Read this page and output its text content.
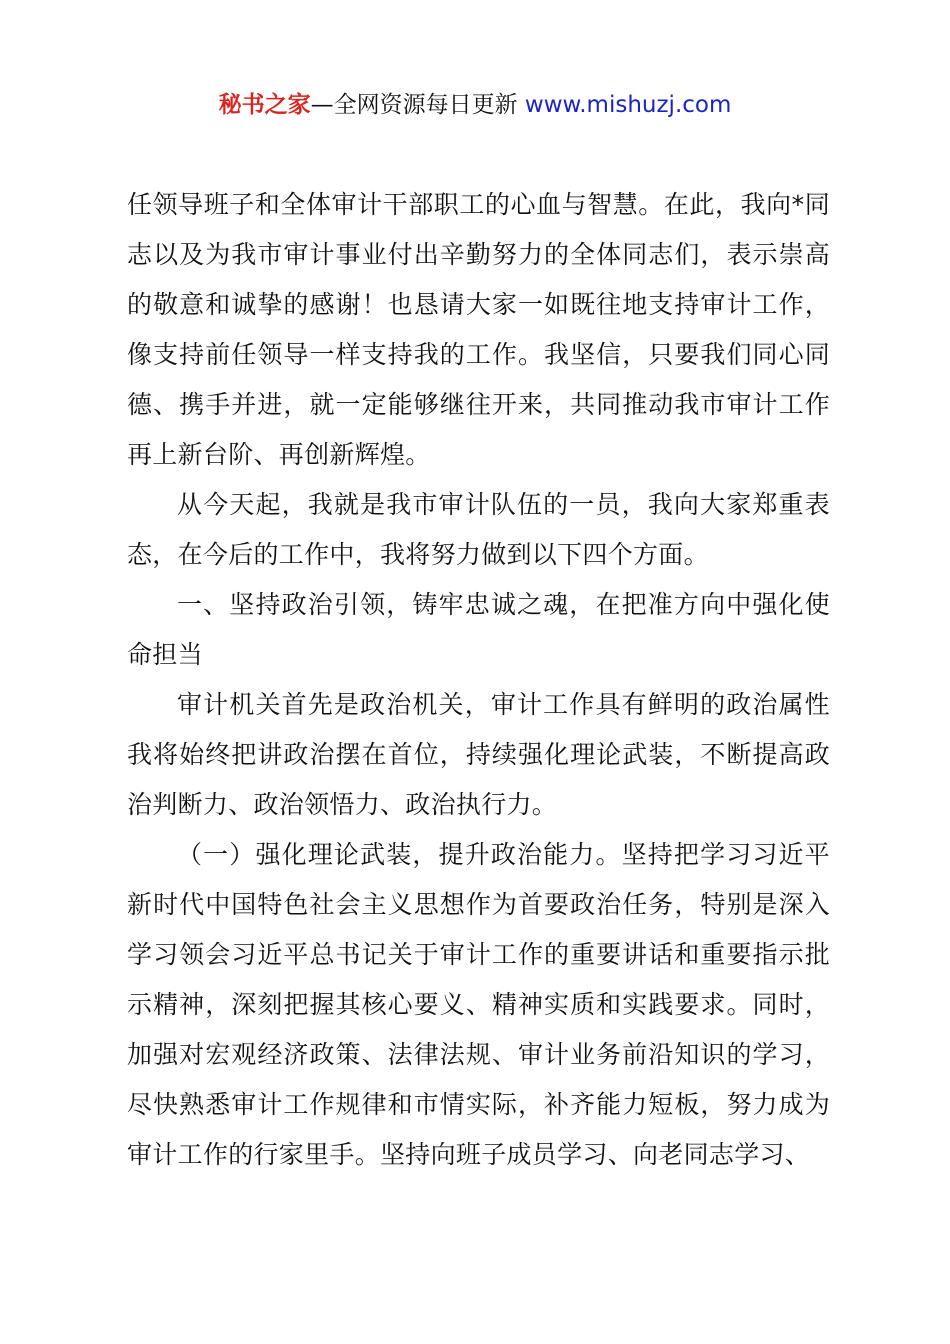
秘书之家—全网资源每日更新 www.mishuzj.com

任领导班子和全体审计干部职工的心血与智慧。在此，我向*同志以及为我市审计事业付出辛勤努力的全体同志们，表示崇高的敬意和诚挚的感谢！也恳请大家一如既往地支持审计工作，像支持前任领导一样支持我的工作。我坚信，只要我们同心同德、携手并进，就一定能够继往开来，共同推动我市审计工作再上新台阶、再创新辉煌。

从今天起，我就是我市审计队伍的一员，我向大家郑重表态，在今后的工作中，我将努力做到以下四个方面。

一、坚持政治引领，铸牢忠诚之魂，在把准方向中强化使命担当

审计机关首先是政治机关，审计工作具有鲜明的政治属性我将始终把讲政治摆在首位，持续强化理论武装，不断提高政治判断力、政治领悟力、政治执行力。

（一）强化理论武装，提升政治能力。坚持把学习习近平新时代中国特色社会主义思想作为首要政治任务，特别是深入学习领会习近平总书记关于审计工作的重要讲话和重要指示批示精神，深刻把握其核心要义、精神实质和实践要求。同时，加强对宏观经济政策、法律法规、审计业务前沿知识的学习，尽快熟悉审计工作规律和市情实际，补齐能力短板，努力成为审计工作的行家里手。坚持向班子成员学习、向老同志学习、
